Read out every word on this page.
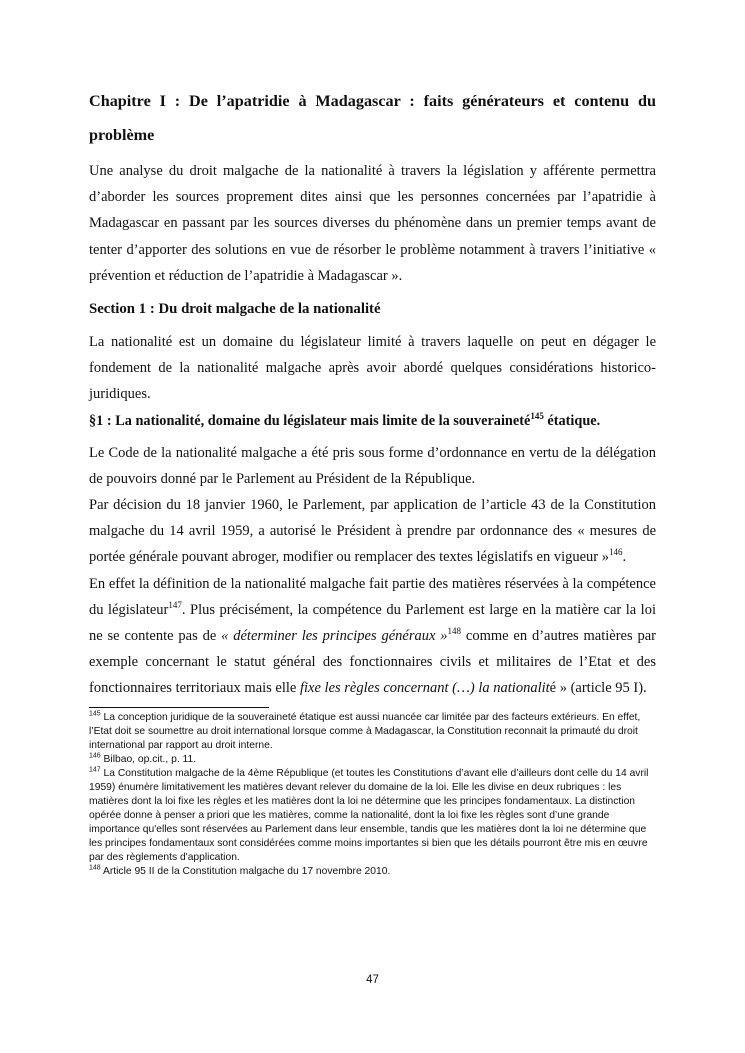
Chapitre I : De l’apatridie à Madagascar : faits générateurs et contenu du problème

Une analyse du droit malgache de la nationalité à travers la législation y afférente permettra d’aborder les sources proprement dites ainsi que les personnes concernées par l’apatridie à Madagascar en passant par les sources diverses du phénomène dans un premier temps avant de tenter d’apporter des solutions en vue de résorber le problème notamment à travers l’initiative « prévention et réduction de l’apatridie à Madagascar ».

Section 1 : Du droit malgache de la nationalité

La nationalité est un domaine du législateur limité à travers laquelle on peut en dégager le fondement de la nationalité malgache après avoir abordé quelques considérations historico-juridiques.

§1 : La nationalité, domaine du législateur mais limite de la souveraineté$^{145}$ étatique.

Le Code de la nationalité malgache a été pris sous forme d’ordonnance en vertu de la délégation de pouvoirs donné par le Parlement au Président de la République.

Par décision du 18 janvier 1960, le Parlement, par application de l’article 43 de la Constitution malgache du 14 avril 1959, a autorisé le Président à prendre par ordonnance des « mesures de portée générale pouvant abroger, modifier ou remplacer des textes législatifs en vigueur »$^{146}$.

En effet la définition de la nationalité malgache fait partie des matières réservées à la compétence du législateur$^{147}$. Plus précisément, la compétence du Parlement est large en la matière car la loi ne se contente pas de « déterminer les principes généraux »$^{148}$ comme en d’autres matières par exemple concernant le statut général des fonctionnaires civils et militaires de l’Etat et des fonctionnaires territoriaux mais elle fixe les règles concernant (…) la nationalité » (article 95 I).

$^{145}$ La conception juridique de la souveraineté étatique est aussi nuancée car limitée par des facteurs extérieurs. En effet, l’Etat doit se soumettre au droit international lorsque comme à Madagascar, la Constitution reconnait la primauté du droit international par rapport au droit interne.

$^{146}$ Bilbao, op.cit., p. 11.

$^{147}$ La Constitution malgache de la 4ème République (et toutes les Constitutions d’avant elle d’ailleurs dont celle du 14 avril 1959) énumère limitativement les matières devant relever du domaine de la loi. Elle les divise en deux rubriques : les matières dont la loi fixe les règles et les matières dont la loi ne détermine que les principes fondamentaux. La distinction opérée donne à penser a priori que les matières, comme la nationalité, dont la loi fixe les règles sont d’une grande importance qu'elles sont réservées au Parlement dans leur ensemble, tandis que les matières dont la loi ne détermine que les principes fondamentaux sont considérées comme moins importantes si bien que les détails pourront être mis en œuvre par des règlements d'application.

$^{148}$ Article 95 II de la Constitution malgache du 17 novembre 2010.

47
